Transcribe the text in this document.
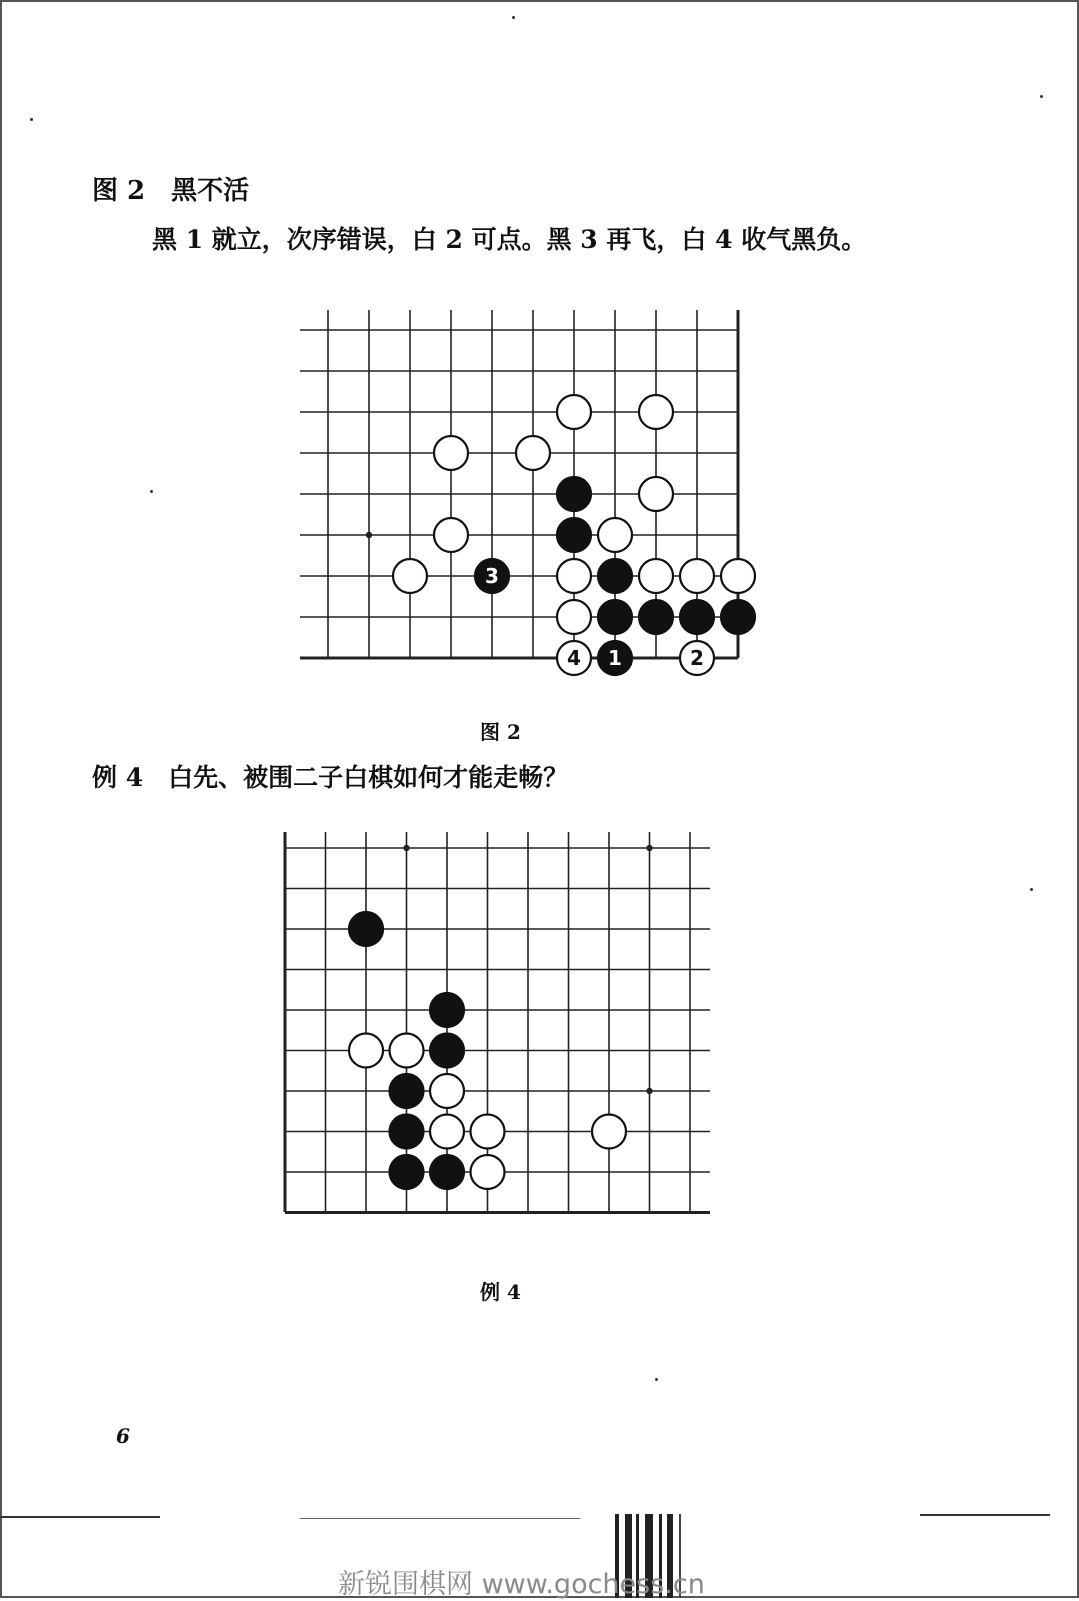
图 2　黑不活
黑 1 就立，次序错误，白 2 可点。黑 3 再飞，白 4 收气黑负。
3
4 1	2
图 2
例 4　白先、被围二子白棋如何才能走畅？
例 4
6
新锐围棋网 www.gochess.cn
